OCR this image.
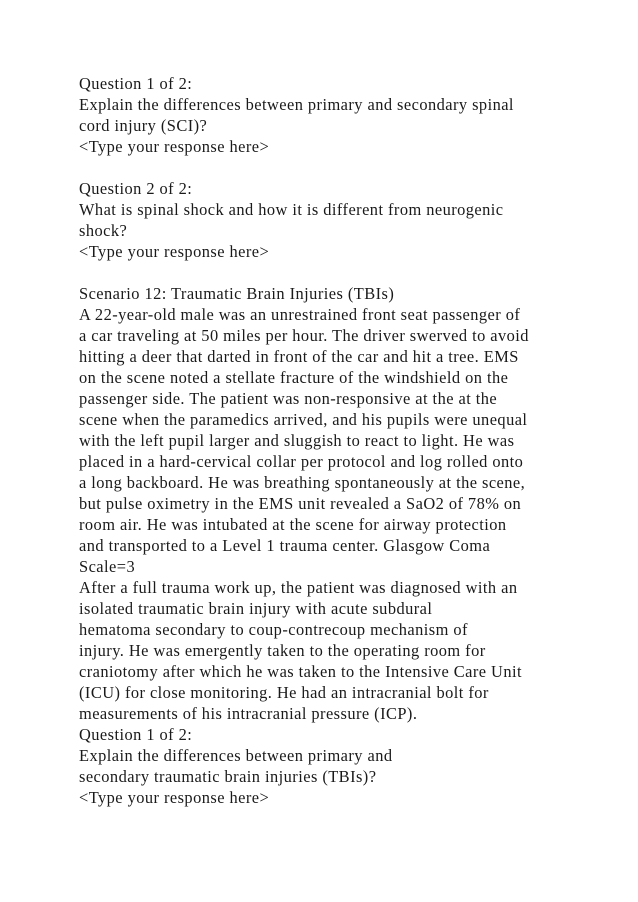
Question 1 of 2:
Explain the differences between primary and secondary spinal
cord injury (SCI)?
<Type your response here>
Question 2 of 2:
What is spinal shock and how it is different from neurogenic
shock?
<Type your response here>
Scenario 12: Traumatic Brain Injuries (TBIs)
A 22-year-old male was an unrestrained front seat passenger of
a car traveling at 50 miles per hour. The driver swerved to avoid
hitting a deer that darted in front of the car and hit a tree. EMS
on the scene noted a stellate fracture of the windshield on the
passenger side. The patient was non-responsive at the at the
scene when the paramedics arrived, and his pupils were unequal
with the left pupil larger and sluggish to react to light. He was
placed in a hard-cervical collar per protocol and log rolled onto
a long backboard. He was breathing spontaneously at the scene,
but pulse oximetry in the EMS unit revealed a SaO2 of 78% on
room air. He was intubated at the scene for airway protection
and transported to a Level 1 trauma center. Glasgow Coma
Scale=3
After a full trauma work up, the patient was diagnosed with an
isolated traumatic brain injury with acute subdural
hematoma secondary to coup-contrecoup mechanism of
injury. He was emergently taken to the operating room for
craniotomy after which he was taken to the Intensive Care Unit
(ICU) for close monitoring. He had an intracranial bolt for
measurements of his intracranial pressure (ICP).
Question 1 of 2:
Explain the differences between primary and
secondary traumatic brain injuries (TBIs)?
<Type your response here>
